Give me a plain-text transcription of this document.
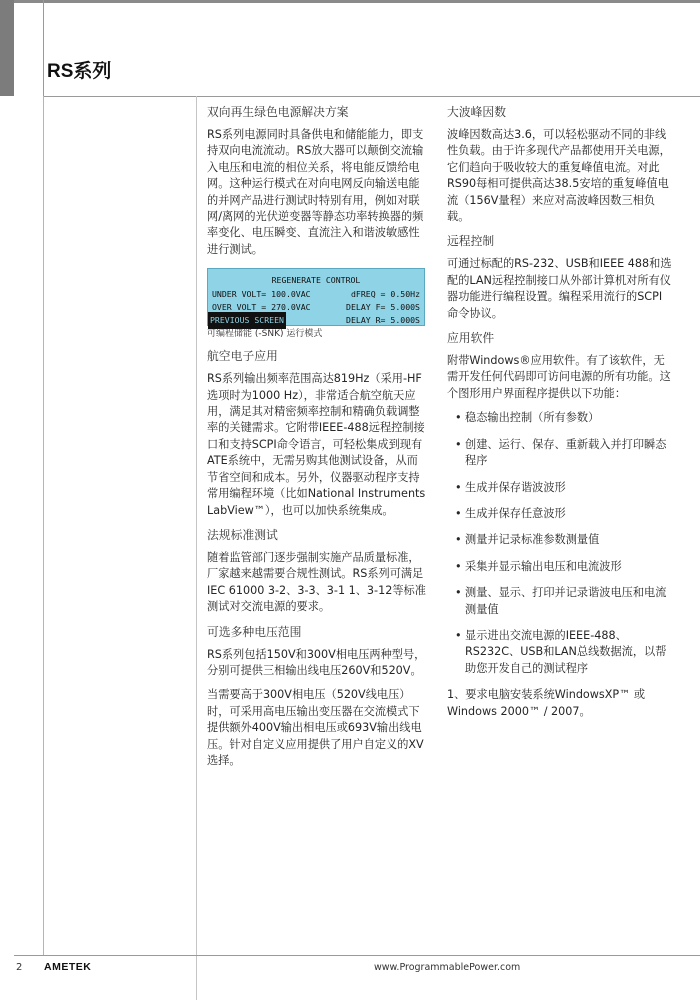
RS系列
双向再生绿色电源解决方案

RS系列电源同时具备供电和储能能力，即支持双向电流流动。RS放大器可以颠倒交流输入电压和电流的相位关系，将电能反馈给电网。这种运行模式在对向电网反向输送电能的并网产品进行测试时特别有用，例如对联网/离网的光伏逆变器等静态功率转换器的频率变化、电压瞬变、直流注入和谐波敏感性进行测试。

REGENERATE CONTROL
UNDER VOLT= 100.0VAC	dFREQ = 0.50Hz
OVER VOLT = 270.0VAC	DELAY F= 5.000S
PREVIOUS SCREEN	DELAY R= 5.000S

可编程储能 (-SNK) 运行模式

航空电子应用

RS系列输出频率范围高达819Hz（采用-HF选项时为1000 Hz），非常适合航空航天应用，满足其对精密频率控制和精确负载调整率的关键需求。它附带IEEE-488远程控制接口和支持SCPI命令语言，可轻松集成到现有ATE系统中，无需另购其他测试设备，从而节省空间和成本。另外，仪器驱动程序支持常用编程环境（比如National Instruments LabView™），也可以加快系统集成。

法规标准测试

随着监管部门逐步强制实施产品质量标准，厂家越来越需要合规性测试。RS系列可满足IEC 61000 3-2、3-3、3-1 1、3-12等标准测试对交流电源的要求。

可选多种电压范围

RS系列包括150V和300V相电压两种型号，分别可提供三相输出线电压260V和520V。

当需要高于300V相电压（520V线电压）时，可采用高电压输出变压器在交流模式下提供额外400V输出相电压或693V输出线电压。针对自定义应用提供了用户自定义的XV选择。

大波峰因数

波峰因数高达3.6，可以轻松驱动不同的非线性负载。由于许多现代产品都使用开关电源，它们趋向于吸收较大的重复峰值电流。对此RS90每相可提供高达38.5安培的重复峰值电流（156V量程）来应对高波峰因数三相负载。

远程控制

可通过标配的RS-232、USB和IEEE 488和选配的LAN远程控制接口从外部计算机对所有仪器功能进行编程设置。编程采用流行的SCPI命令协议。

应用软件

附带Windows®应用软件。有了该软件，无需开发任何代码即可访问电源的所有功能。这个图形用户界面程序提供以下功能：

• 稳态输出控制（所有参数）
• 创建、运行、保存、重新载入并打印瞬态程序
• 生成并保存谐波波形
• 生成并保存任意波形
• 测量并记录标准参数测量值
• 采集并显示输出电压和电流波形
• 测量、显示、打印并记录谐波电压和电流测量值
• 显示进出交流电源的IEEE-488、RS232C、USB和LAN总线数据流，以帮助您开发自己的测试程序

1、要求电脑安装系统WindowsXP™ 或 Windows 2000™ / 2007。

2 AMETEK	www.ProgrammablePower.com
